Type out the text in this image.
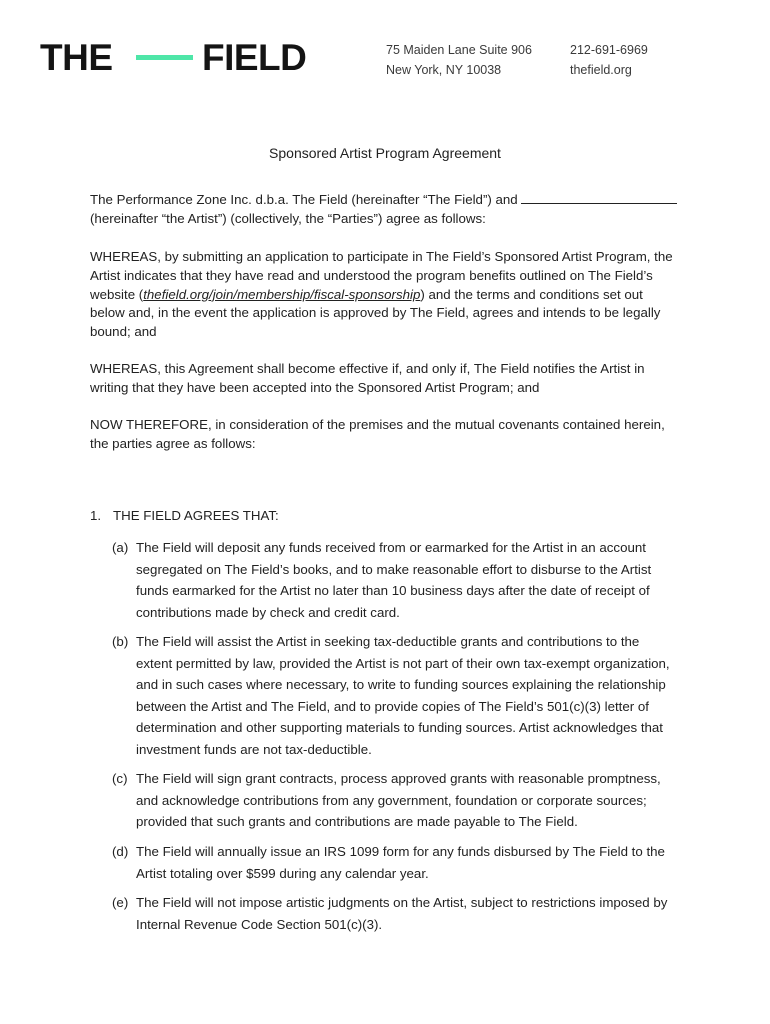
THE FIELD	75 Maiden Lane Suite 906
New York, NY 10038
212-691-6969
thefield.org
Sponsored Artist Program Agreement
The Performance Zone Inc. d.b.a. The Field (hereinafter “The Field”) and
(hereinafter “the Artist”) (collectively, the “Parties”) agree as follows:
WHEREAS, by submitting an application to participate in The Field’s Sponsored Artist Program, the Artist indicates that they have read and understood the program benefits outlined on The Field’s website (thefield.org/join/membership/fiscal-sponsorship) and the terms and conditions set out below and, in the event the application is approved by The Field, agrees and intends to be legally bound; and
WHEREAS, this Agreement shall become effective if, and only if, The Field notifies the Artist in writing that they have been accepted into the Sponsored Artist Program; and
NOW THEREFORE, in consideration of the premises and the mutual covenants contained herein, the parties agree as follows:
1. THE FIELD AGREES THAT:
(a) The Field will deposit any funds received from or earmarked for the Artist in an account segregated on The Field’s books, and to make reasonable effort to disburse to the Artist funds earmarked for the Artist no later than 10 business days after the date of receipt of contributions made by check and credit card.
(b) The Field will assist the Artist in seeking tax-deductible grants and contributions to the extent permitted by law, provided the Artist is not part of their own tax-exempt organization, and in such cases where necessary, to write to funding sources explaining the relationship between the Artist and The Field, and to provide copies of The Field’s 501(c)(3) letter of determination and other supporting materials to funding sources. Artist acknowledges that investment funds are not tax-deductible.
(c) The Field will sign grant contracts, process approved grants with reasonable promptness, and acknowledge contributions from any government, foundation or corporate sources; provided that such grants and contributions are made payable to The Field.
(d) The Field will annually issue an IRS 1099 form for any funds disbursed by The Field to the Artist totaling over $599 during any calendar year.
(e) The Field will not impose artistic judgments on the Artist, subject to restrictions imposed by Internal Revenue Code Section 501(c)(3).
